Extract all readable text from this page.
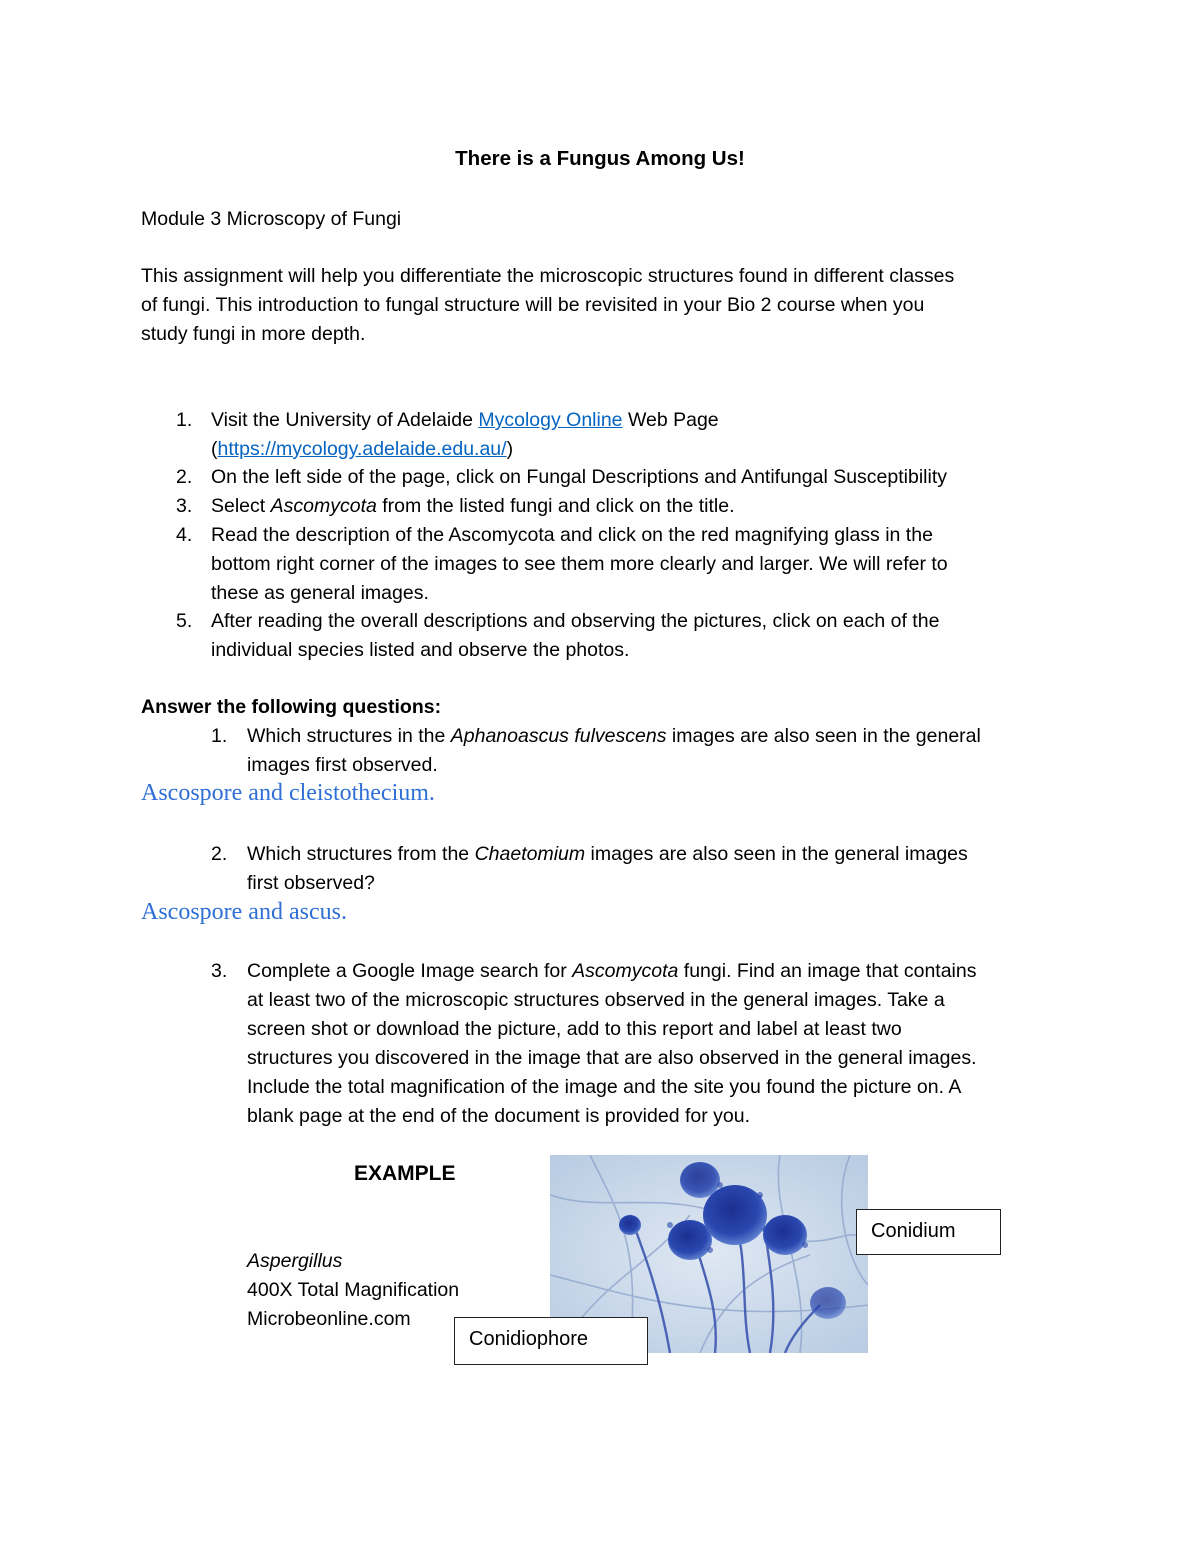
There is a Fungus Among Us!
Module 3 Microscopy of Fungi
This assignment will help you differentiate the microscopic structures found in different classes
of fungi. This introduction to fungal structure will be revisited in your Bio 2 course when you
study fungi in more depth.
1. Visit the University of Adelaide Mycology Online Web Page
(https://mycology.adelaide.edu.au/)
2. On the left side of the page, click on Fungal Descriptions and Antifungal Susceptibility
3. Select Ascomycota from the listed fungi and click on the title.
4. Read the description of the Ascomycota and click on the red magnifying glass in the
bottom right corner of the images to see them more clearly and larger. We will refer to
these as general images.
5. After reading the overall descriptions and observing the pictures, click on each of the
individual species listed and observe the photos.
Answer the following questions:
1. Which structures in the Aphanoascus fulvescens images are also seen in the general
images first observed.
Ascospore and cleistothecium.
2. Which structures from the Chaetomium images are also seen in the general images
first observed?
Ascospore and ascus.
3. Complete a Google Image search for Ascomycota fungi. Find an image that contains
at least two of the microscopic structures observed in the general images. Take a
screen shot or download the picture, add to this report and label at least two
structures you discovered in the image that are also observed in the general images.
Include the total magnification of the image and the site you found the picture on. A
blank page at the end of the document is provided for you.
EXAMPLE
Aspergillus
400X Total Magnification
Microbeonline.com
Conidium
Conidiophore
